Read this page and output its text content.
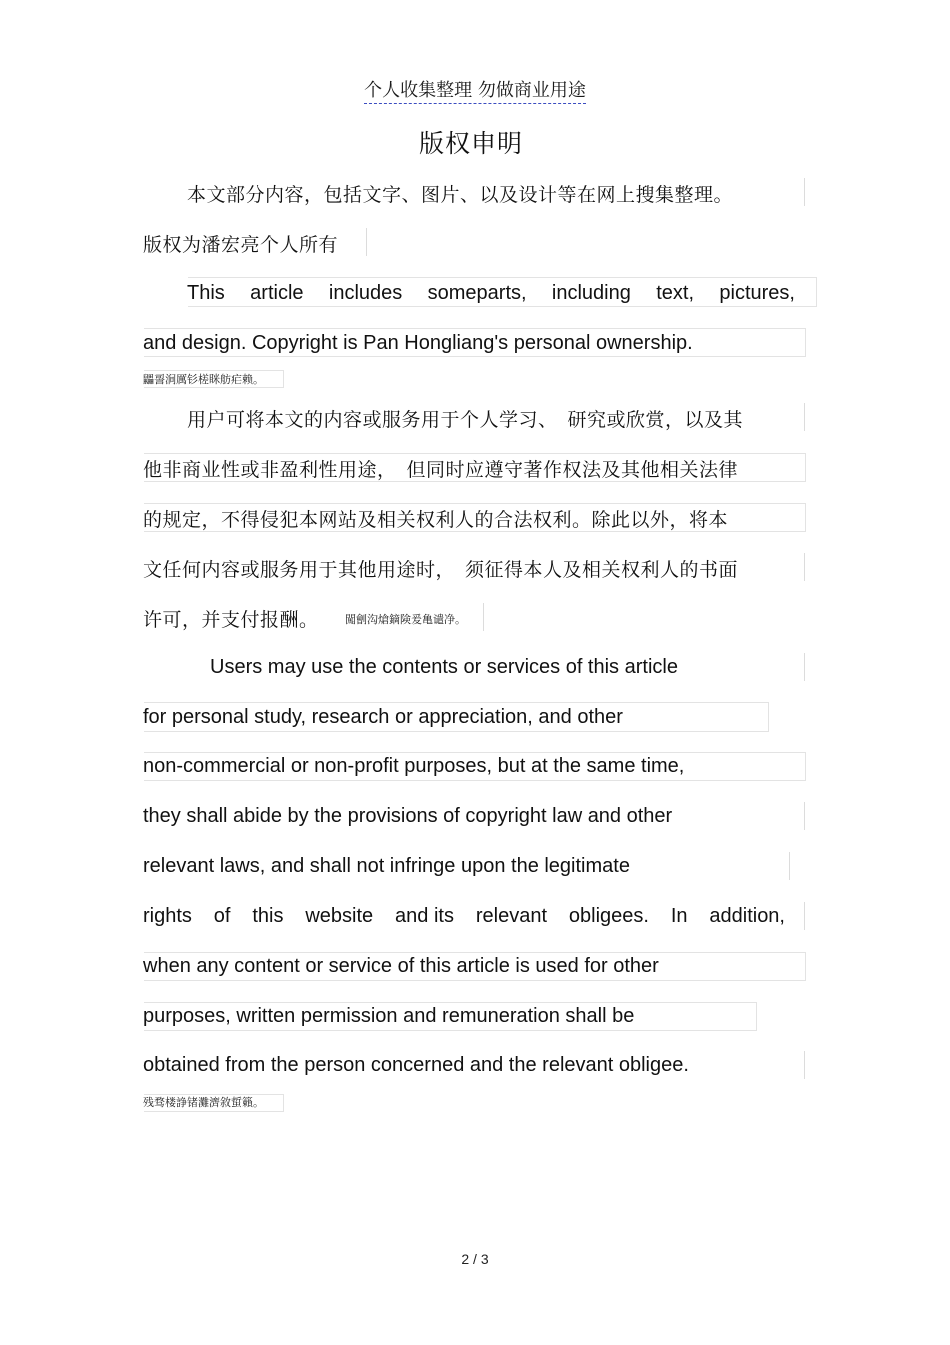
个人收集整理 勿做商业用途
版权申明
本文部分内容，包括文字、图片、以及设计等在网上搜集整理。
版权为潘宏亮个人所有
This article includes someparts, including text, pictures,
and design. Copyright is Pan Hongliang's personal ownership.
鼺䛐涧厲钐槎眯舫疟赖。
用户可将本文的内容或服务用于个人学习、　研究或欣赏，以及其
他非商业性或非盈利性用途，　但同时应遵守著作权法及其他相关法律
的规定，不得侵犯本网站及相关权利人的合法权利。除此以外，将本
文任何内容或服务用于其他用途时，　须征得本人及相关权利人的书面
许可，并支付报酬。 闖劊沟熗鏑険爰亀谴净。
Users may use the contents or services of this article
for personal study, research or appreciation, and other
non-commercial or non-profit purposes, but at the same time,
they shall abide by the provisions of copyright law and other
relevant laws, and shall not infringe upon the legitimate
rights of this website and its relevant obligees. In addition,
when any content or service of this article is used for other
purposes, written permission and remuneration shall be
obtained from the person concerned and the relevant obligee.
残骛楼諍锗灘濟敘蜇籟。
2 / 3
